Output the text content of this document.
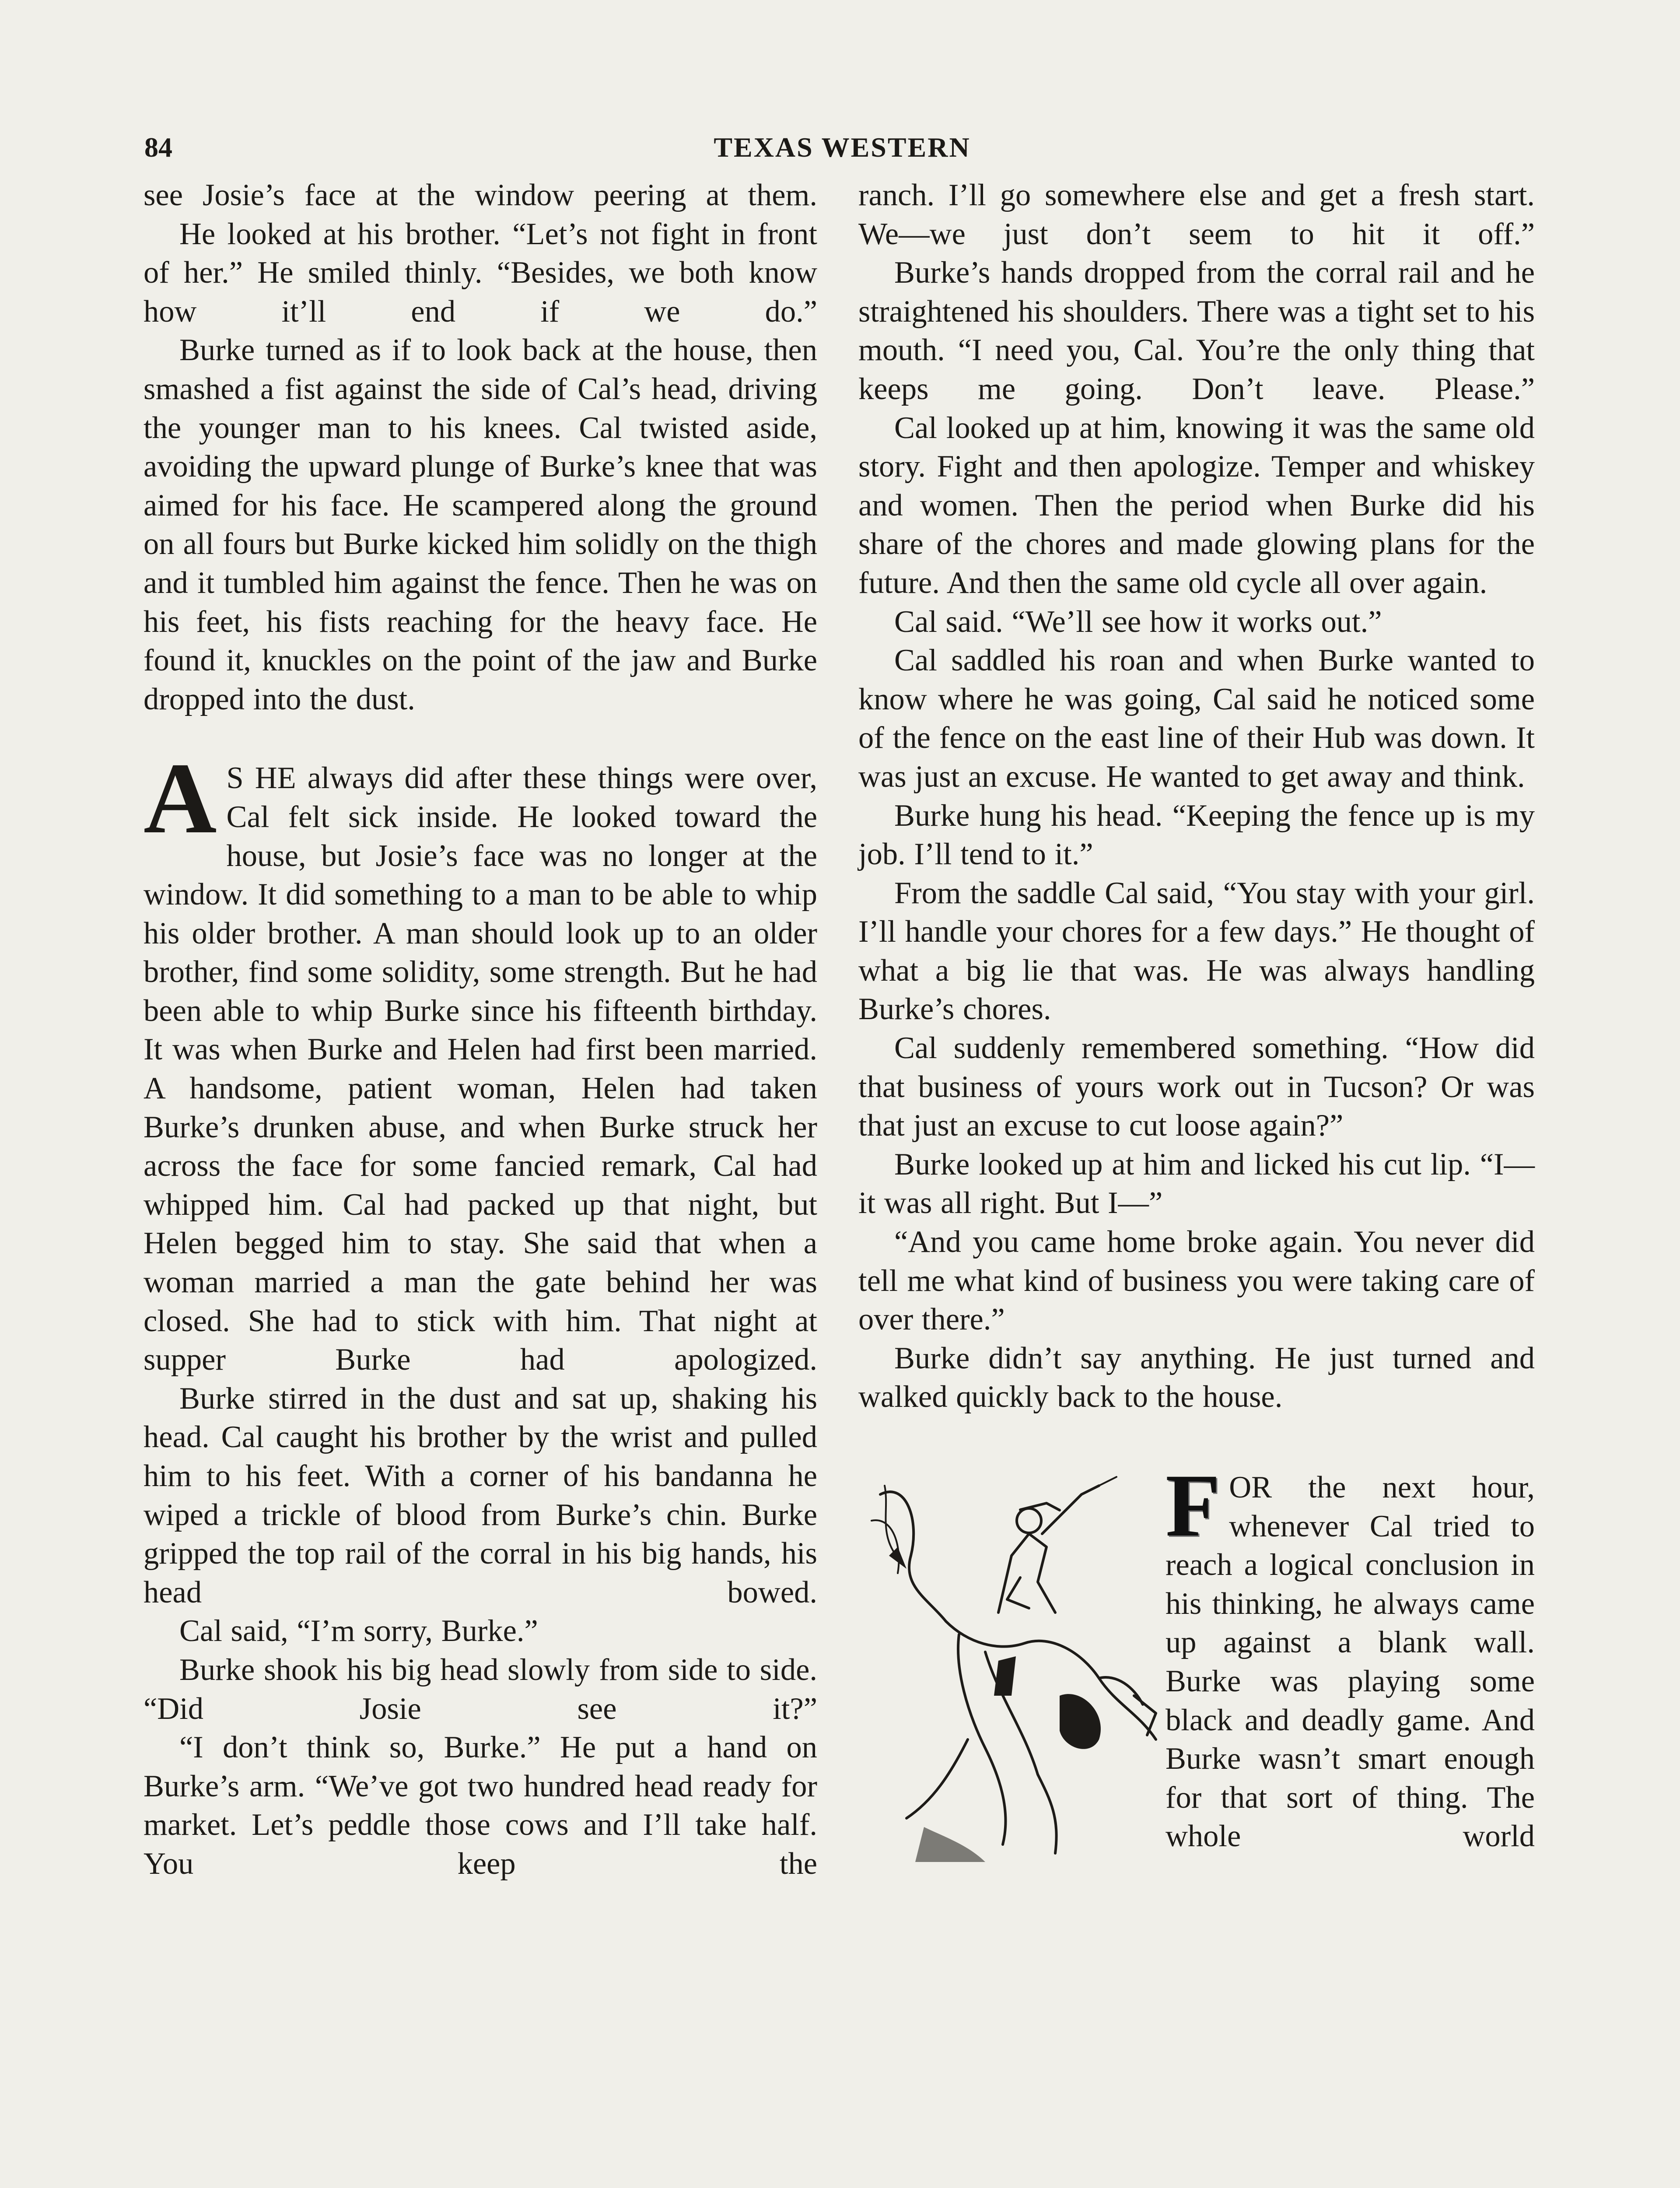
84	TEXAS WESTERN

see Josie’s face at the window peering at them.

He looked at his brother. “Let’s not fight in front of her.” He smiled thinly. “Besides, we both know how it’ll end if we do.”

Burke turned as if to look back at the house, then smashed a fist against the side of Cal’s head, driving the younger man to his knees. Cal twisted aside, avoiding the upward plunge of Burke’s knee that was aimed for his face. He scampered along the ground on all fours but Burke kicked him solidly on the thigh and it tumbled him against the fence. Then he was on his feet, his fists reaching for the heavy face. He found it, knuckles on the point of the jaw and Burke dropped into the dust.

A S HE always did after these things were over, Cal felt sick inside. He looked toward the house, but Josie’s face was no longer at the window. It did something to a man to be able to whip his older brother. A man should look up to an older brother, find some solidity, some strength. But he had been able to whip Burke since his fifteenth birthday. It was when Burke and Helen had first been married. A handsome, patient woman, Helen had taken Burke’s drunken abuse, and when Burke struck her across the face for some fancied remark, Cal had whipped him. Cal had packed up that night, but Helen begged him to stay. She said that when a woman married a man the gate behind her was closed. She had to stick with him. That night at supper Burke had apologized.

Burke stirred in the dust and sat up, shaking his head. Cal caught his brother by the wrist and pulled him to his feet. With a corner of his bandanna he wiped a trickle of blood from Burke’s chin. Burke gripped the top rail of the corral in his big hands, his head bowed.

Cal said, “I’m sorry, Burke.”

Burke shook his big head slowly from side to side. “Did Josie see it?”

“I don’t think so, Burke.” He put a hand on Burke’s arm. “We’ve got two hundred head ready for market. Let’s peddle those cows and I’ll take half. You keep the

ranch. I’ll go somewhere else and get a fresh start. We—we just don’t seem to hit it off.”

Burke’s hands dropped from the corral rail and he straightened his shoulders. There was a tight set to his mouth. “I need you, Cal. You’re the only thing that keeps me going. Don’t leave. Please.”

Cal looked up at him, knowing it was the same old story. Fight and then apologize. Temper and whiskey and women. Then the period when Burke did his share of the chores and made glowing plans for the future. And then the same old cycle all over again.

Cal said. “We’ll see how it works out.”

Cal saddled his roan and when Burke wanted to know where he was going, Cal said he noticed some of the fence on the east line of their Hub was down. It was just an excuse. He wanted to get away and think.

Burke hung his head. “Keeping the fence up is my job. I’ll tend to it.”

From the saddle Cal said, “You stay with your girl. I’ll handle your chores for a few days.” He thought of what a big lie that was. He was always handling Burke’s chores.

Cal suddenly remembered something. “How did that business of yours work out in Tucson? Or was that just an excuse to cut loose again?”

Burke looked up at him and licked his cut lip. “I—it was all right. But I—”

“And you came home broke again. You never did tell me what kind of business you were taking care of over there.”

Burke didn’t say anything. He just turned and walked quickly back to the house.

FOR the next hour, whenever Cal tried to reach a logical conclusion in his thinking, he always came up against a blank wall. Burke was playing some black and deadly game. And Burke wasn’t smart enough for that sort of thing. The whole world
